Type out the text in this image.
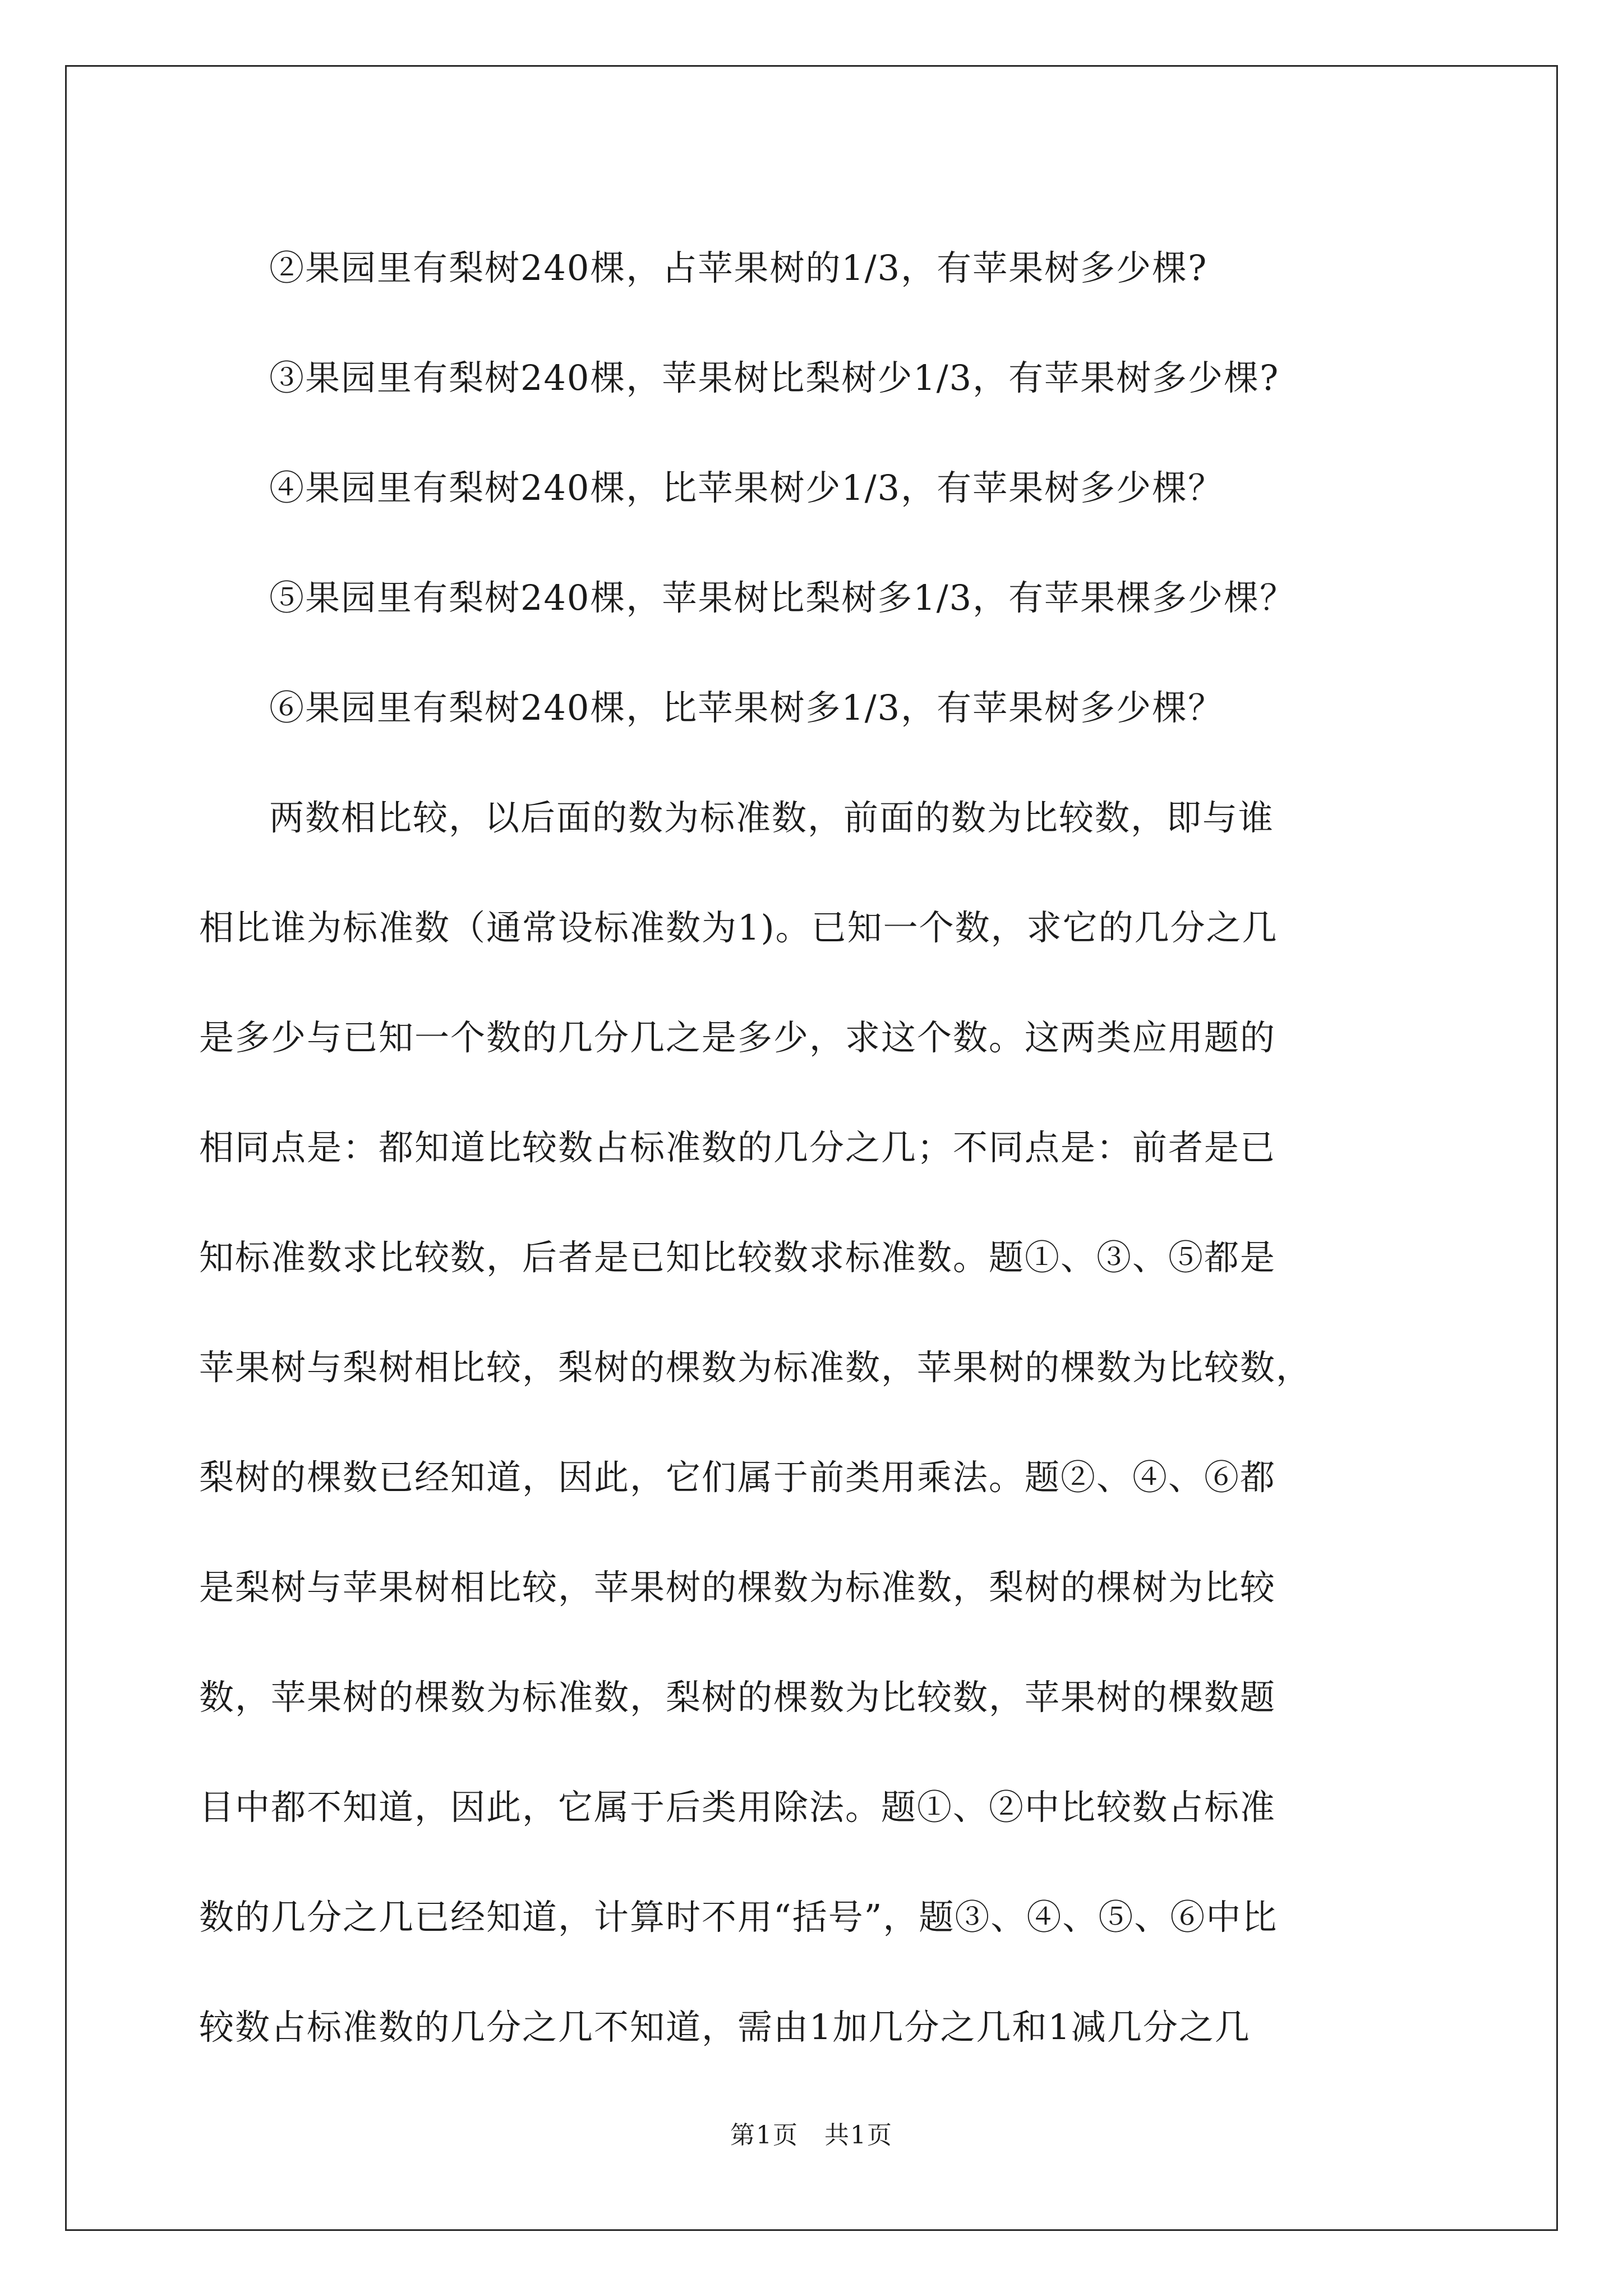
②果园里有梨树240棵，占苹果树的1/3，有苹果树多少棵?

③果园里有梨树240棵，苹果树比梨树少1/3，有苹果树多少棵?

④果园里有梨树240棵，比苹果树少1/3，有苹果树多少棵？

⑤果园里有梨树240棵，苹果树比梨树多1/3，有苹果棵多少棵？

⑥果园里有梨树240棵，比苹果树多1/3，有苹果树多少棵？

两数相比较，以后面的数为标准数，前面的数为比较数，即与谁
相比谁为标准数（通常设标准数为1)。已知一个数，求它的几分之几
是多少与已知一个数的几分几之是多少，求这个数。这两类应用题的
相同点是：都知道比较数占标准数的几分之几；不同点是：前者是已
知标准数求比较数，后者是已知比较数求标准数。题①、③、⑤都是
苹果树与梨树相比较，梨树的棵数为标准数，苹果树的棵数为比较数，
梨树的棵数已经知道，因此，它们属于前类用乘法。题②、④、⑥都
是梨树与苹果树相比较，苹果树的棵数为标准数，梨树的棵树为比较
数，苹果树的棵数为标准数，梨树的棵数为比较数，苹果树的棵数题
目中都不知道，因此，它属于后类用除法。题①、②中比较数占标准
数的几分之几已经知道，计算时不用“括号”，题③、④、⑤、⑥中比
较数占标准数的几分之几不知道，需由1加几分之几和1减几分之几
第1页　共1页
